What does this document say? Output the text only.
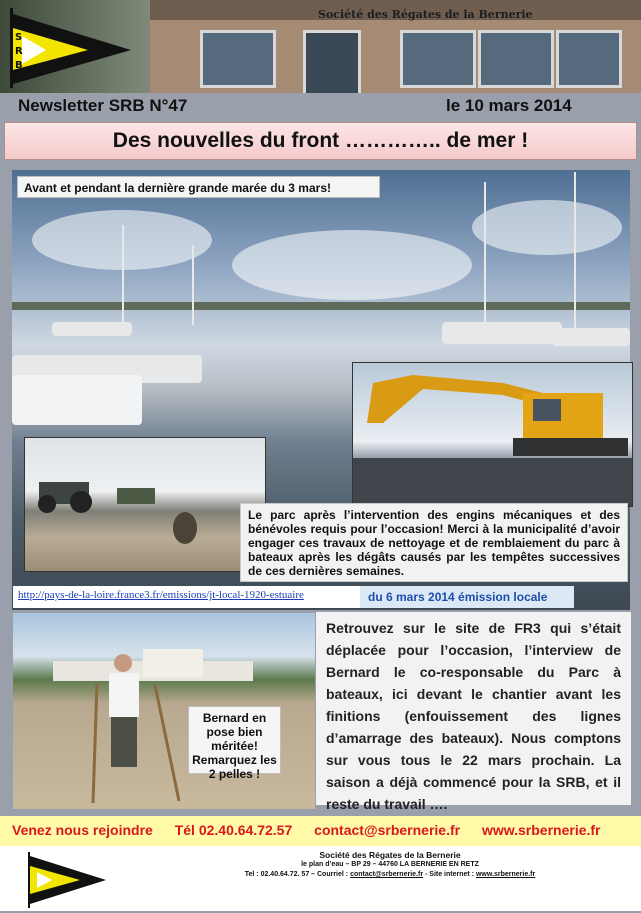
Société des Régates de la Bernerie
S
R
B
Newsletter SRB N°47	le 10 mars 2014
Des nouvelles du front ………….. de mer !
Avant et pendant la dernière grande marée du 3 mars!
Le parc après l’intervention des engins mécaniques et des bénévoles requis pour l’occasion! Merci à la municipalité d’avoir engager ces travaux de nettoyage et de remblaiement du parc à bateaux après les dégâts causés par les tempêtes successives de ces dernières semaines.
http://pays-de-la-loire.france3.fr/emissions/jt-local-1920-estuaire	du 6 mars 2014 émission locale
Bernard en pose bien méritée! Remarquez les 2 pelles !
Retrouvez sur le site de FR3 qui s’était déplacée pour l’occasion, l’interview de Bernard le co-responsable du Parc à bateaux, ici devant le chantier avant les finitions (enfouissement des lignes d’amarrage des bateaux). Nous comptons sur vous tous le 22 mars prochain. La saison a déjà commencé pour la SRB, et il reste du travail ….
Venez nous rejoindre Tél 02.40.64.72.57 contact@srbernerie.fr www.srbernerie.fr
Société des Régates de la Bernerie
le plan d’eau – BP 29 – 44760 LA BERNERIE EN RETZ
Tel : 02.40.64.72. 57 – Courriel : contact@srbernerie.fr - Site internet : www.srbernerie.fr
